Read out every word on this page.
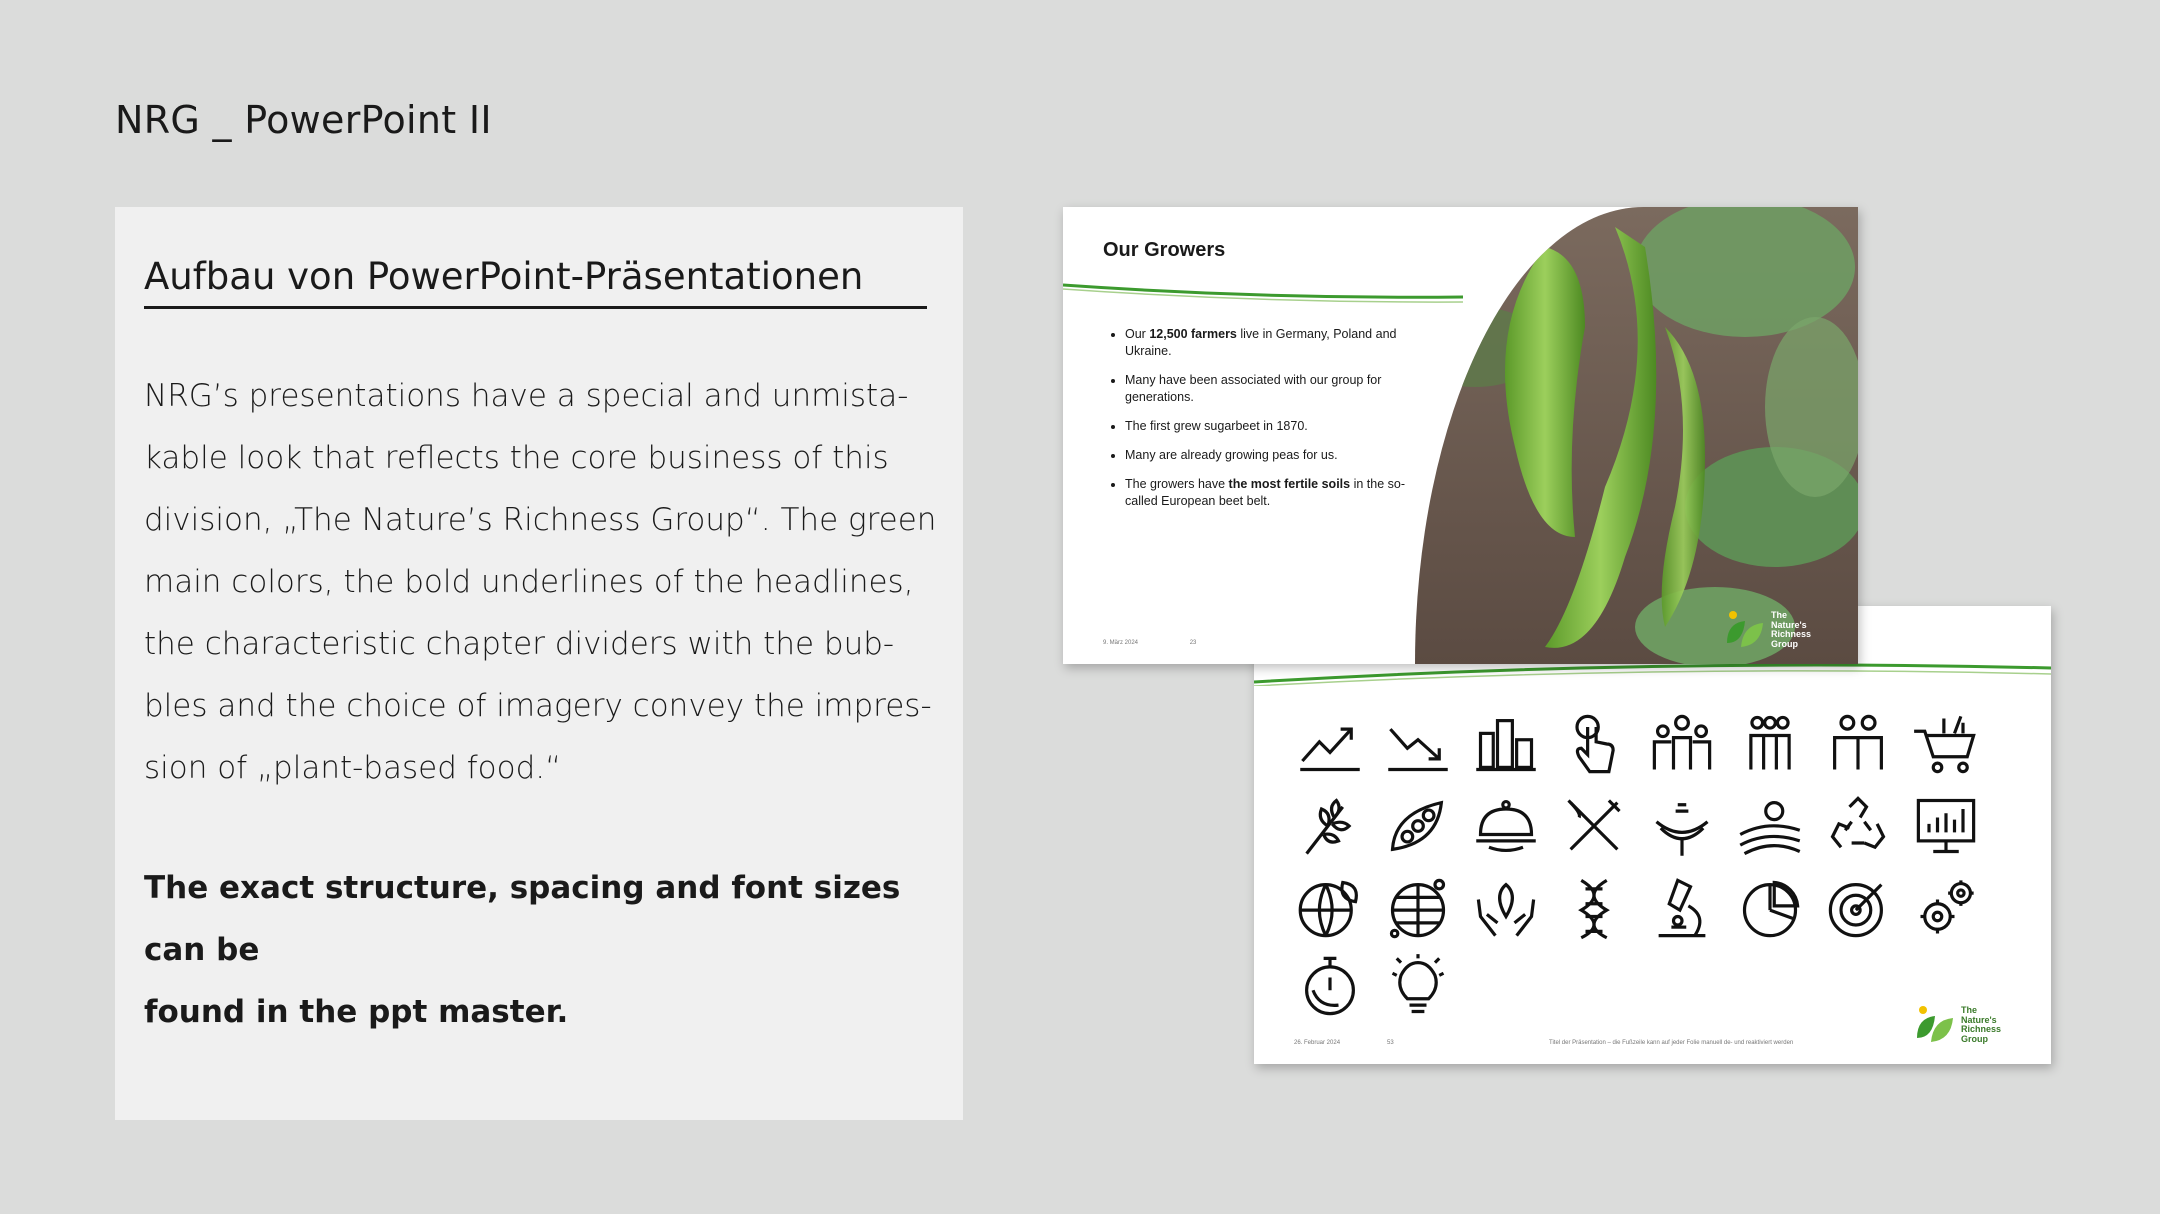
NRG _ PowerPoint II
Aufbau von PowerPoint-Präsentationen
NRG’s presentations have a special and unmista-
kable look that reflects the core business of this
division, „The Nature’s Richness Group“. The green
main colors, the bold underlines of the headlines,
the characteristic chapter dividers with the bub-
bles and the choice of imagery convey the impres-
sion of „plant-based food.“
The exact structure, spacing and font sizes can be
found in the ppt master.	The
Nature's
Richness
Group
26. Februar 2024	53	Titel der Präsentation – die Fußzeile kann auf jeder Folie manuell de- und reaktiviert werden
Our Growers
• Our 12,500 farmers live in Germany, Poland and Ukraine.
• Many have been associated with our group for generations.
• The first grew sugarbeet in 1870.
• Many are already growing peas for us.
• The growers have the most fertile soils in the so-called European beet belt.
The
Nature's
Richness
Group
9. März 2024	23
